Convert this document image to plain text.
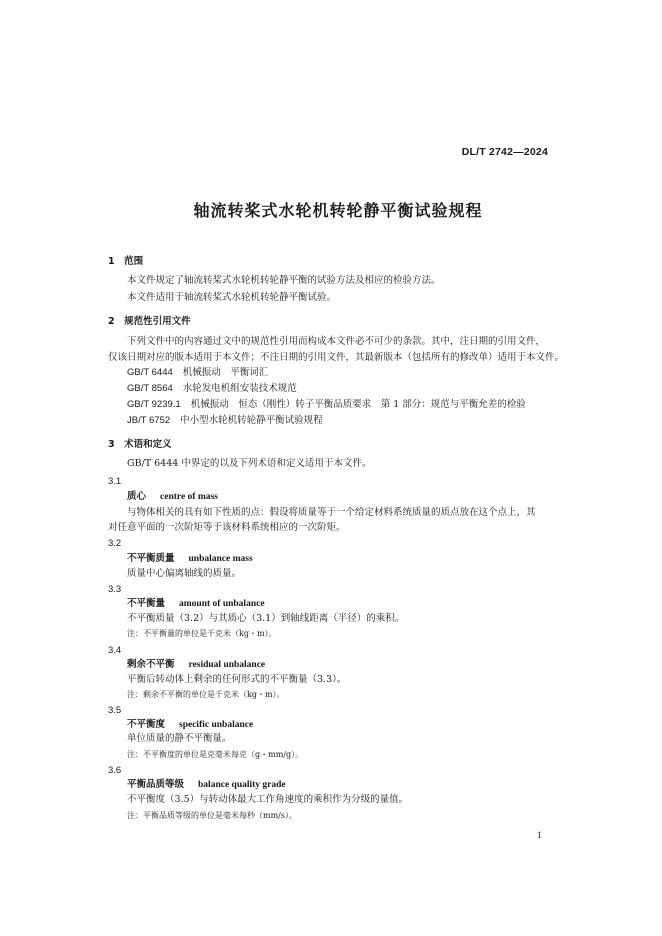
DL/T 2742—2024
轴流转桨式水轮机转轮静平衡试验规程
1　范围
本文件规定了轴流转桨式水轮机转轮静平衡的试验方法及相应的检验方法。
本文件适用于轴流转桨式水轮机转轮静平衡试验。
2　规范性引用文件
下列文件中的内容通过文中的规范性引用而构成本文件必不可少的条款。其中，注日期的引用文件，
仅该日期对应的版本适用于本文件；不注日期的引用文件，其最新版本（包括所有的修改单）适用于本文件。
GB/T 6444 机械振动　平衡词汇
GB/T 8564 水轮发电机组安装技术规范
GB/T 9239.1 机械振动　恒态（刚性）转子平衡品质要求　第 1 部分：规范与平衡允差的检验
JB/T 6752 中小型水轮机转轮静平衡试验规程
3　术语和定义
GB/T 6444 中界定的以及下列术语和定义适用于本文件。
3.1
质心 centre of mass
与物体相关的具有如下性质的点：假设将质量等于一个给定材料系统质量的质点放在这个点上，其
对任意平面的一次阶矩等于该材料系统相应的一次阶矩。
3.2
不平衡质量 unbalance mass
质量中心偏离轴线的质量。
3.3
不平衡量 amount of unbalance
不平衡质量（3.2）与其质心（3.1）到轴线距离（半径）的乘积。
注：不平衡量的单位是千克米（kg・m）。
3.4
剩余不平衡 residual unbalance
平衡后转动体上剩余的任何形式的不平衡量（3.3）。
注：剩余不平衡的单位是千克米（kg・m）。
3.5
不平衡度 specific unbalance
单位质量的静不平衡量。
注：不平衡度的单位是克毫米每克（g・mm/g）。
3.6
平衡品质等级 balance quality grade
不平衡度（3.5）与转动体最大工作角速度的乘积作为分级的量值。
注：平衡品质等级的单位是毫米每秒（mm/s）。
1
